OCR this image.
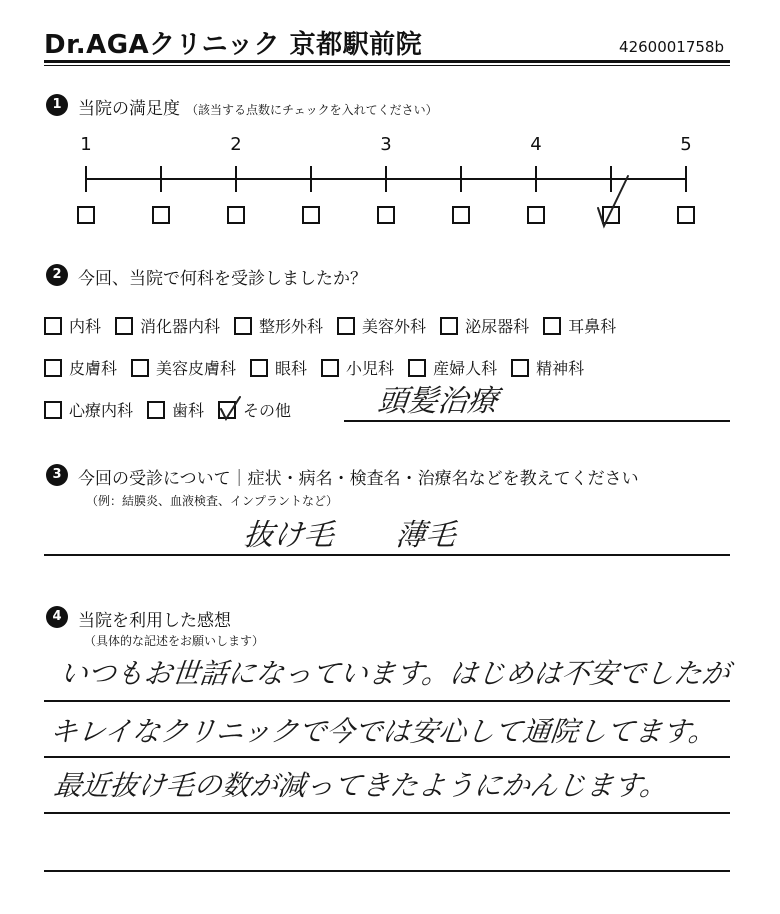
Dr.AGAクリニック 京都駅前院	4260001758b
1 当院の満足度 （該当する点数にチェックを入れてください）
1	2	3	4	5
2 今回、当院で何科を受診しましたか？
内科 消化器内科 整形外科 美容外科 泌尿器科 耳鼻科
皮膚科 美容皮膚科 眼科 小児科 産婦人科 精神科
心療内科 歯科 その他	頭髪治療
3 今回の受診について｜症状・病名・検査名・治療名などを教えてください
（例：結膜炎、血液検査、インプラントなど）
抜け毛 薄毛
4 当院を利用した感想
（具体的な記述をお願いします）
いつもお世話になっています。はじめは不安でしたが
キレイなクリニックで今では安心して通院してます。
最近抜け毛の数が減ってきたようにかんじます。
